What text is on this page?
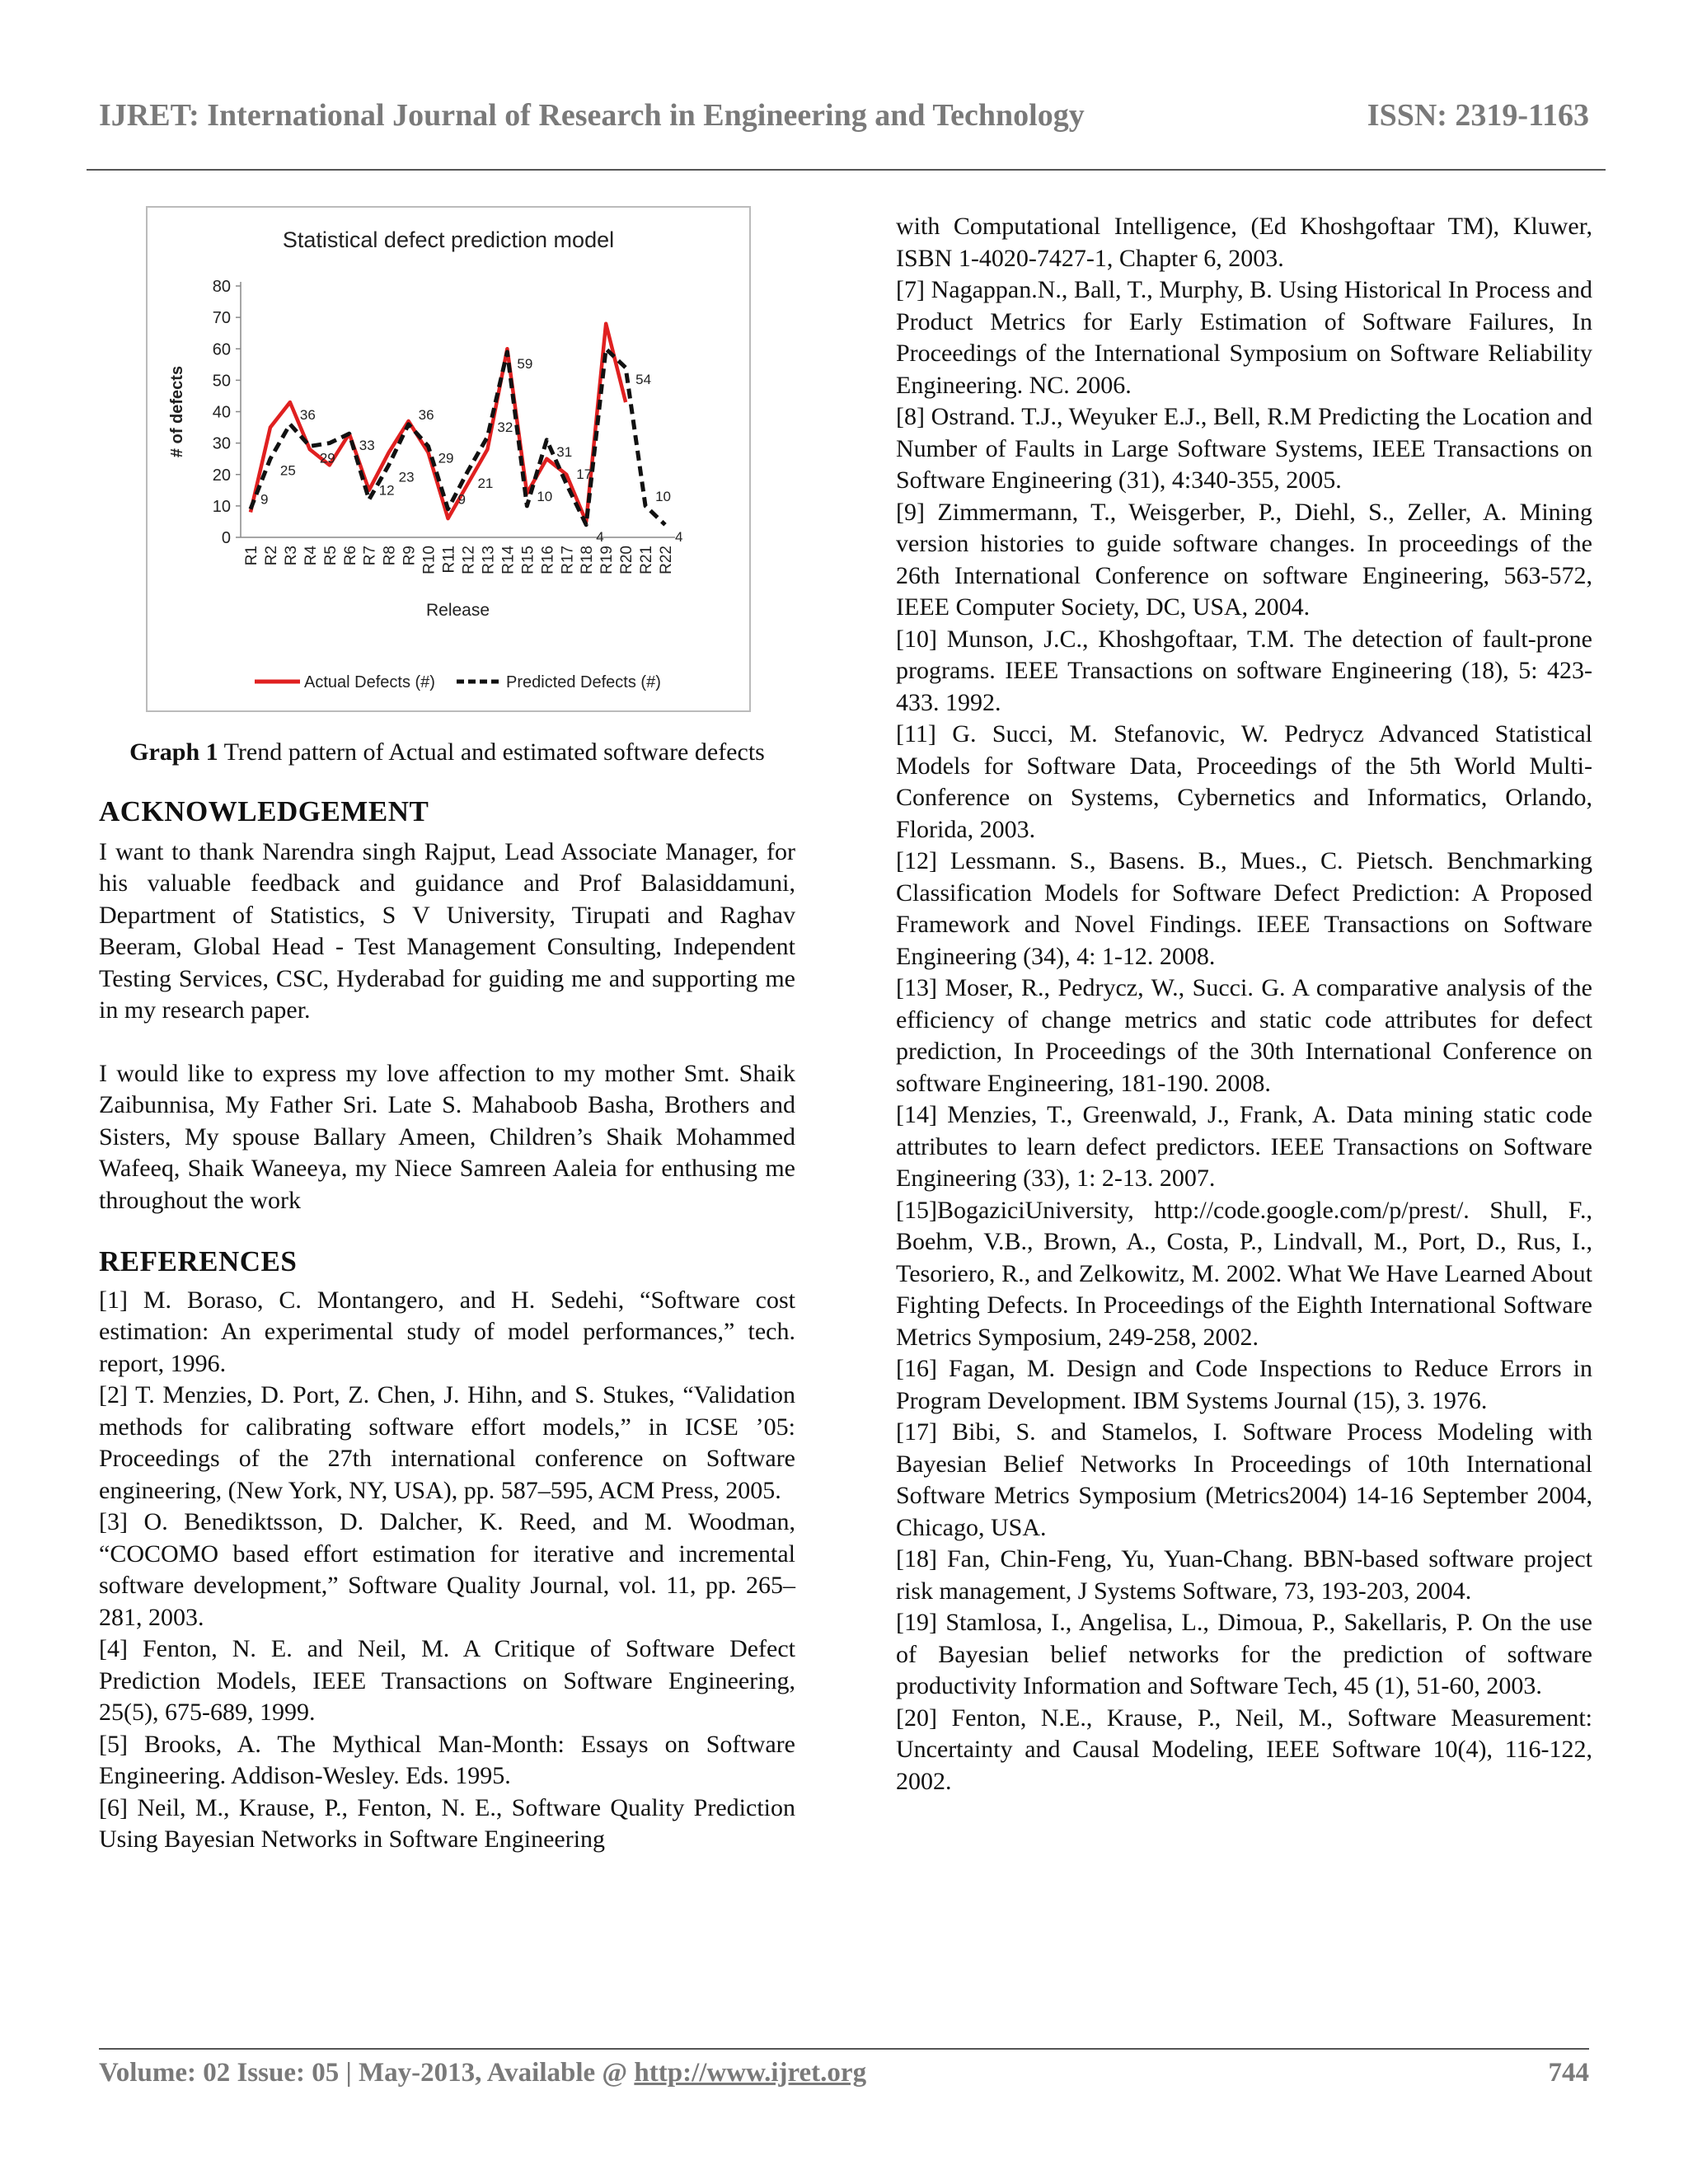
IJRET: International Journal of Research in Engineering and Technology	ISSN: 2319-1163
Statistical defect prediction model
0
10
20
30
40
50
60
70
80
# of defects
R1 R2 R3 R4 R5 R6 R7 R8 R9 R10 R11 R12 R13 R14 R15 R16 R17 R18 R19 R20 R21 R22
Release
9
25
36
29
33
12
23
36
29
9
21
32
59
10
31
17
4
54
10
4
Actual Defects (#)	Predicted Defects (#)
Graph 1 Trend pattern of Actual and estimated software defects
ACKNOWLEDGEMENT

I want to thank Narendra singh Rajput, Lead Associate Manager, for his valuable feedback and guidance and Prof Balasiddamuni, Department of Statistics, S V University, Tirupati and Raghav Beeram, Global Head - Test Management Consulting, Independent Testing Services, CSC, Hyderabad for guiding me and supporting me in my research paper.

I would like to express my love affection to my mother Smt. Shaik Zaibunnisa, My Father Sri. Late S. Mahaboob Basha, Brothers and Sisters, My spouse Ballary Ameen, Children’s Shaik Mohammed Wafeeq, Shaik Waneeya, my Niece Samreen Aaleia for enthusing me throughout the work

REFERENCES

[1] M. Boraso, C. Montangero, and H. Sedehi, “Software cost estimation: An experimental study of model performances,” tech. report, 1996.

[2] T. Menzies, D. Port, Z. Chen, J. Hihn, and S. Stukes, “Validation methods for calibrating software effort models,” in ICSE ’05: Proceedings of the 27th international conference on Software engineering, (New York, NY, USA), pp. 587–595, ACM Press, 2005.

[3] O. Benediktsson, D. Dalcher, K. Reed, and M. Woodman, “COCOMO based effort estimation for iterative and incremental software development,” Software Quality Journal, vol. 11, pp. 265–281, 2003.

[4] Fenton, N. E. and Neil, M. A Critique of Software Defect Prediction Models, IEEE Transactions on Software Engineering, 25(5), 675-689, 1999.

[5] Brooks, A. The Mythical Man-Month: Essays on Software Engineering. Addison-Wesley. Eds. 1995.

[6] Neil, M., Krause, P., Fenton, N. E., Software Quality Prediction Using Bayesian Networks in Software Engineering

with Computational Intelligence, (Ed Khoshgoftaar TM), Kluwer, ISBN 1-4020-7427-1, Chapter 6, 2003.

[7] Nagappan.N., Ball, T., Murphy, B. Using Historical In Process and Product Metrics for Early Estimation of Software Failures, In Proceedings of the International Symposium on Software Reliability Engineering. NC. 2006.

[8] Ostrand. T.J., Weyuker E.J., Bell, R.M Predicting the Location and Number of Faults in Large Software Systems, IEEE Transactions on Software Engineering (31), 4:340-355, 2005.

[9] Zimmermann, T., Weisgerber, P., Diehl, S., Zeller, A. Mining version histories to guide software changes. In proceedings of the 26th International Conference on software Engineering, 563-572, IEEE Computer Society, DC, USA, 2004.

[10] Munson, J.C., Khoshgoftaar, T.M. The detection of fault-prone programs. IEEE Transactions on software Engineering (18), 5: 423-433. 1992.

[11] G. Succi, M. Stefanovic, W. Pedrycz Advanced Statistical Models for Software Data, Proceedings of the 5th World Multi-Conference on Systems, Cybernetics and Informatics, Orlando, Florida, 2003.

[12] Lessmann. S., Basens. B., Mues., C. Pietsch. Benchmarking Classification Models for Software Defect Prediction: A Proposed Framework and Novel Findings. IEEE Transactions on Software Engineering (34), 4: 1-12. 2008.

[13] Moser, R., Pedrycz, W., Succi. G. A comparative analysis of the efficiency of change metrics and static code attributes for defect prediction, In Proceedings of the 30th International Conference on software Engineering, 181-190. 2008.

[14] Menzies, T., Greenwald, J., Frank, A. Data mining static code attributes to learn defect predictors. IEEE Transactions on Software Engineering (33), 1: 2-13. 2007.

[15]BogaziciUniversity, http://code.google.com/p/prest/. Shull, F., Boehm, V.B., Brown, A., Costa, P., Lindvall, M., Port, D., Rus, I., Tesoriero, R., and Zelkowitz, M. 2002. What We Have Learned About Fighting Defects. In Proceedings of the Eighth International Software Metrics Symposium, 249-258, 2002.

[16] Fagan, M. Design and Code Inspections to Reduce Errors in Program Development. IBM Systems Journal (15), 3. 1976.

[17] Bibi, S. and Stamelos, I. Software Process Modeling with Bayesian Belief Networks In Proceedings of 10th International Software Metrics Symposium (Metrics2004) 14-16 September 2004, Chicago, USA.

[18] Fan, Chin-Feng, Yu, Yuan-Chang. BBN-based software project risk management, J Systems Software, 73, 193-203, 2004.

[19] Stamlosa, I., Angelisa, L., Dimoua, P., Sakellaris, P. On the use of Bayesian belief networks for the prediction of software productivity Information and Software Tech, 45 (1), 51-60, 2003.

[20] Fenton, N.E., Krause, P., Neil, M., Software Measurement: Uncertainty and Causal Modeling, IEEE Software 10(4), 116-122, 2002.

Volume: 02 Issue: 05 | May-2013, Available @ http://www.ijret.org	744
